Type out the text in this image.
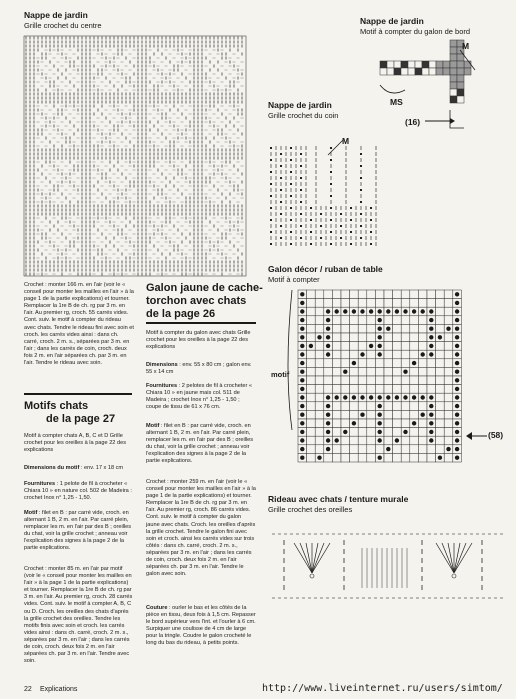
Nappe de jardin
Grille crochet du centre	Nappe de jardin
Motif à compter du galon de bord
M
MS
(16)
Nappe de jardin
Grille crochet du coin
M
Galon décor / ruban de table
Motif à compter
motif
(58)
Rideau avec chats / tenture murale
Grille crochet des oreilles
Crochet : monter 166 m. en l'air (voir le « conseil pour monter les mailles en l'air » à la page 1 de la partie explications) et tourner. Remplacer la 1re B de ch. rg par 3 m. en l'air. Au premier rg, croch. 55 carrés vides. Cont. suiv. le motif à compter du rideau avec chats. Tendre le rideau fini avec soin et croch. les carrés vides ainsi : dans ch. carré, croch. 2 m. s., séparées par 3 m. en l'air ; dans les carrés de coin, croch. deux fois 2 m. en l'air séparées ch. par 3 m. en l'air. Tendre le rideau avec soin.
Motifs chats
de la page 27
Motif à compter chats A, B, C et D Grille crochet pour les oreilles à la page 22 des explications
Dimensions du motif : env. 17 x 18 cm
Fournitures : 1 pelote de fil à crocheter « Chiara 10 » en nature col. 502 de Madeira : crochet Inox n° 1,25 - 1,50.
Motif : filet en B : par carré vide, croch. en alternant 1 B, 2 m. en l'air. Par carré plein, remplacer les m. en l'air par des B ; oreilles du chat, voir la grille crochet ; anneau voir l'explication des signes à la page 2 de la partie explications.
Crochet : monter 85 m. en l'air par motif (voir le « conseil pour monter les mailles en l'air » à la page 1 de la partie explications) et tourner. Remplacer la 1re B de ch. rg par 3 m. en l'air. Au premier rg, croch. 28 carrés vides. Cont. suiv. le motif à compter A, B, C ou D. Croch. les oreilles des chats d'après la grille crochet des oreilles. Tendre les motifs finis avec soin et croch. les carrés vides ainsi : dans ch. carré, croch. 2 m. s., séparées par 3 m. en l'air ; dans les carrés de coin, croch. deux fois 2 m. en l'air séparées ch. par 3 m. en l'air. Tendre avec soin.
Galon jaune de cache-
torchon avec chats
de la page 26
Motif à compter du galon avec chats Grille crochet pour les oreilles à la page 22 des explications
Dimensions : env. 55 x 80 cm ; galon env. 55 x 14 cm
Fournitures : 2 pelotes de fil à crocheter « Chiara 10 » en jaune mais col. 511 de Madeira ; crochet Inox n° 1,25 - 1,50 ; coupe de tissu de 61 x 76 cm.
Motif : filet en B : par carré vide, croch. en alternant 1 B, 2 m. en l'air. Par carré plein, remplacer les m. en l'air par des B ; oreilles du chat, voir la grille crochet ; anneau voir l'explication des signes à la page 2 de la partie explications.
Crochet : monter 259 m. en l'air (voir le « conseil pour monter les mailles en l'air » à la page 1 de la partie explications) et tourner. Remplacer la 1re B de ch. rg par 3 m. en l'air. Au premier rg, croch. 86 carrés vides. Cont. suiv. le motif à compter du galon jaune avec chats. Croch. les oreilles d'après la grille crochet. Tendre le galon fini avec soin et croch. ainsi les carrés vides sur trois côtés : dans ch. carré, croch. 2 m. s., séparées par 3 m. en l'air ; dans les carrés de coin, croch. deux fois 2 m. en l'air séparées ch. par 3 m. en l'air. Tendre le galon avec soin.
Couture : ourler le bas et les côtés de la pièce en tissu, deux fois à 1,5 cm. Repasser le bord supérieur vers l'int. et l'ourler à 6 cm. Surpiquer une coulisse de 4 cm de large pour la tringle. Coudre le galon crocheté le long du bas du rideau, à petits points.
22 Explications	http://www.liveinternet.ru/users/simtom/
